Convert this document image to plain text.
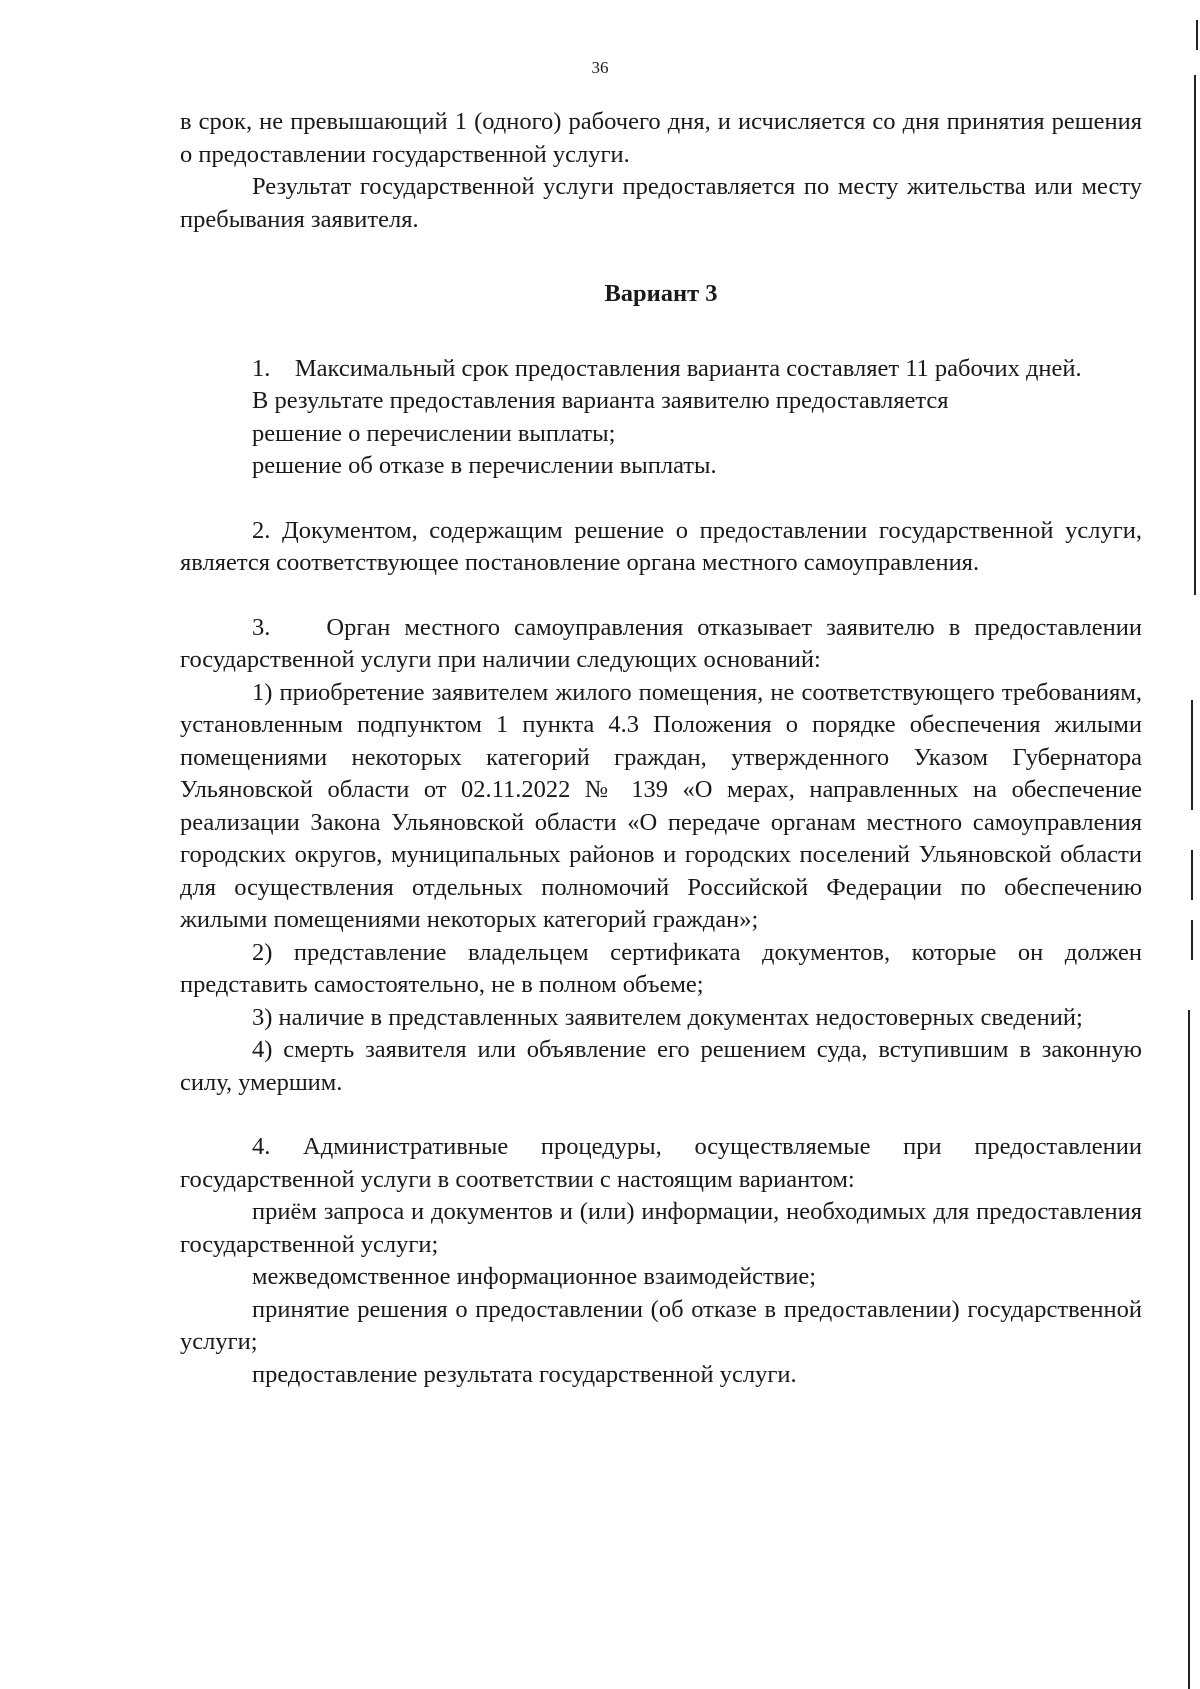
36

в срок, не превышающий 1 (одного) рабочего дня, и исчисляется со дня принятия решения о предоставлении государственной услуги.

Результат государственной услуги предоставляется по месту жительства или месту пребывания заявителя.

Вариант 3

1.    Максимальный срок предоставления варианта составляет 11 рабочих дней.

В результате предоставления варианта заявителю предоставляется

решение о перечислении выплаты;

решение об отказе в перечислении выплаты.

2. Документом, содержащим решение о предоставлении государственной услуги, является соответствующее постановление органа местного самоуправления.

3.    Орган местного самоуправления отказывает заявителю в предоставлении государственной услуги при наличии следующих оснований:

1) приобретение заявителем жилого помещения, не соответствующего требованиям, установленным подпунктом 1 пункта 4.3 Положения о порядке обеспечения жилыми помещениями некоторых категорий граждан, утвержденного Указом Губернатора Ульяновской области от 02.11.2022 № 139 «О мерах, направленных на обеспечение реализации Закона Ульяновской области «О передаче органам местного самоуправления городских округов, муниципальных районов и городских поселений Ульяновской области для осуществления отдельных полномочий Российской Федерации по обеспечению жилыми помещениями некоторых категорий граждан»;

2) представление владельцем сертификата документов, которые он должен представить самостоятельно, не в полном объеме;

3) наличие в представленных заявителем документах недостоверных сведений;

4) смерть заявителя или объявление его решением суда, вступившим в законную силу, умершим.

4. Административные процедуры, осуществляемые при предоставлении государственной услуги в соответствии с настоящим вариантом:

приём запроса и документов и (или) информации, необходимых для предоставления государственной услуги;

межведомственное информационное взаимодействие;

принятие решения о предоставлении (об отказе в предоставлении) государственной услуги;

предоставление результата государственной услуги.
